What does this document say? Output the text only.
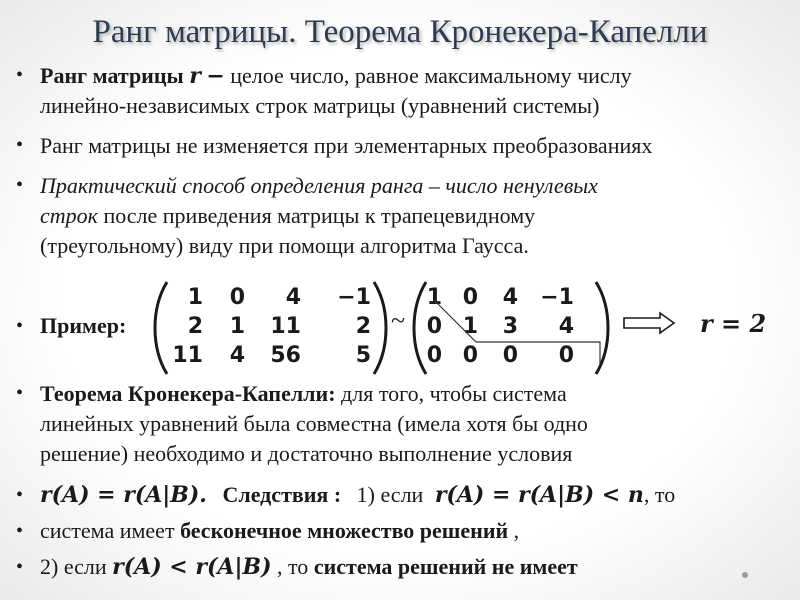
Ранг матрицы. Теорема Кронекера-Капелли
• Ранг матрицы r − целое число, равное максимальному числу
линейно-независимых строк матрицы (уравнений системы)
• Ранг матрицы не изменяется при элементарных преобразованиях
• Практический способ определения ранга – число ненулевых
строк после приведения матрицы к трапецевидному
(треугольному) виду при помощи алгоритма Гаусса.
• Пример:
1	0	4	−1
2	1	11	2
11	4	56	5
~
1 0	4	−1
0 1	3	4
0 0	0	0
r = 2
• Теорема Кронекера-Капелли: для того, чтобы система
линейных уравнений была совместна (имела хотя бы одно
решение) необходимо и достаточно выполнение условия
• r(A) = r(A|B). Следствия : 1) если r(A) = r(A|B) < n, то
• система имеет бесконечное множество решений ,
• 2) если r(A) < r(A|B) , то система решений не имеет
